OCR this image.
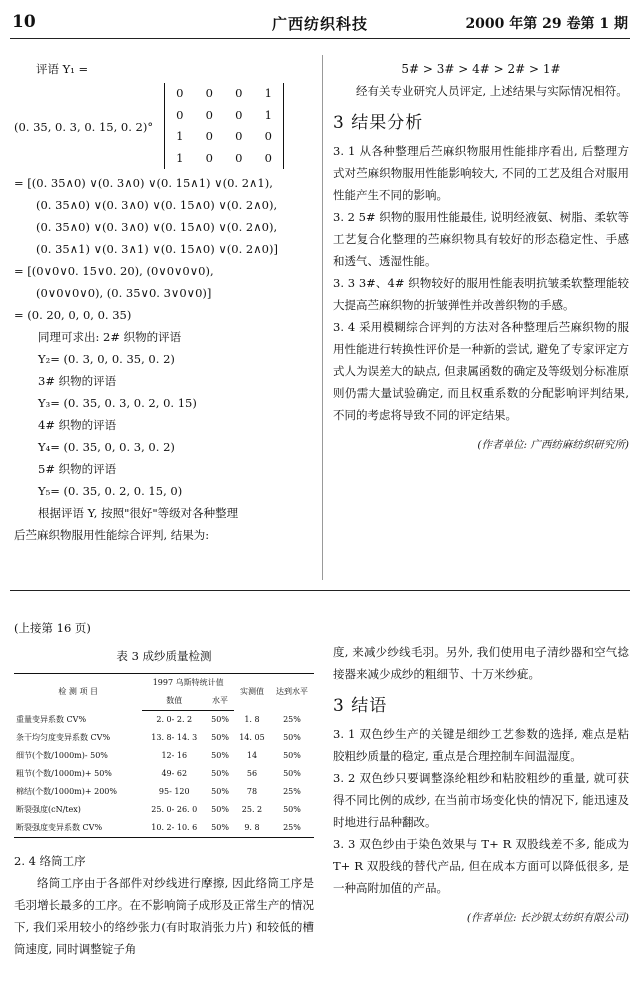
10	广西纺织科技	2000 年第 29 卷第 1 期
评语 Y₁ =
(0. 35, 0. 3, 0. 15, 0. 2)°
0 0 0 1
0 0 0 1
1 0 0 0
1 0 0 0
= [(0. 35∧0) ∨(0. 3∧0) ∨(0. 15∧1) ∨(0. 2∧1),
(0. 35∧0) ∨(0. 3∧0) ∨(0. 15∧0) ∨(0. 2∧0),
(0. 35∧0) ∨(0. 3∧0) ∨(0. 15∧0) ∨(0. 2∧0),
(0. 35∧1) ∨(0. 3∧1) ∨(0. 15∧0) ∨(0. 2∧0)]
= [(0∨0∨0. 15∨0. 20), (0∨0∨0∨0),
(0∨0∨0∨0), (0. 35∨0. 3∨0∨0)]
= (0. 20, 0, 0, 0. 35)
同理可求出: 2# 织物的评语
Y₂= (0. 3, 0, 0. 35, 0. 2)
3# 织物的评语
Y₃= (0. 35, 0. 3, 0. 2, 0. 15)
4# 织物的评语
Y₄= (0. 35, 0, 0. 3, 0. 2)
5# 织物的评语
Y₅= (0. 35, 0. 2, 0. 15, 0)
根据评语 Y, 按照"很好"等级对各种整理
后苎麻织物服用性能综合评判, 结果为:
5# > 3# > 4# > 2# > 1#
经有关专业研究人员评定, 上述结果与实际情况相符。
3 结果分析
3. 1 从各种整理后苎麻织物服用性能排序看出, 后整理方式对苎麻织物服用性能影响较大, 不同的工艺及组合对服用性能产生不同的影响。
3. 2 5# 织物的服用性能最佳, 说明经液氨、树脂、柔软等工艺复合化整理的苎麻织物具有较好的形态稳定性、手感和透气、透湿性能。
3. 3 3#、4# 织物较好的服用性能表明抗皱柔软整理能较大提高苎麻织物的折皱弹性并改善织物的手感。
3. 4 采用模糊综合评判的方法对各种整理后苎麻织物的服用性能进行转换性评价是一种新的尝试, 避免了专家评定方式人为误差大的缺点, 但隶属函数的确定及等级划分标准原则仍需大量试验确定, 而且权重系数的分配影响评判结果, 不同的考虑将导致不同的评定结果。
(作者单位: 广西纺麻纺织研究所)
(上接第 16 页)
表 3 成纱质量检测
检 测 项 目	1997 乌斯特统计值		实测值	达到水平
	数值	水平		
重量变异系数 CV%	2. 0- 2. 2	50%	1. 8	25%
条干均匀度变异系数 CV%	13. 8- 14. 3	50%	14. 05	50%
细节(个数/1000m)- 50%	12- 16	50%	14	50%
粗节(个数/1000m)+ 50%	49- 62	50%	56	50%
棉结(个数/1000m)+ 200%	95- 120	50%	78	25%
断裂强度(cN/tex)	25. 0- 26. 0	50%	25. 2	50%
断裂强度变异系数 CV%	10. 2- 10. 6	50%	9. 8	25%
2. 4 络筒工序
络筒工序由于各部件对纱线进行摩擦, 因此络筒工序是毛羽增长最多的工序。在不影响筒子成形及正常生产的情况下, 我们采用较小的络纱张力(有时取消张力片) 和较低的槽筒速度, 同时调整锭子角
度, 来减少纱线毛羽。另外, 我们使用电子清纱器和空气捻接器来减少成纱的粗细节、十万米纱疵。
3 结语
3. 1 双色纱生产的关键是细纱工艺参数的选择, 难点是粘胶粗纱质量的稳定, 重点是合理控制车间温湿度。
3. 2 双色纱只要调整涤纶粗纱和粘胶粗纱的重量, 就可获得不同比例的成纱, 在当前市场变化快的情况下, 能迅速及时地进行品种翻改。
3. 3 双色纱由于染色效果与 T+ R 双股线差不多, 能成为 T+ R 双股线的替代产品, 但在成本方面可以降低很多, 是一种高附加值的产品。
(作者单位: 长沙银太纺织有限公司)
